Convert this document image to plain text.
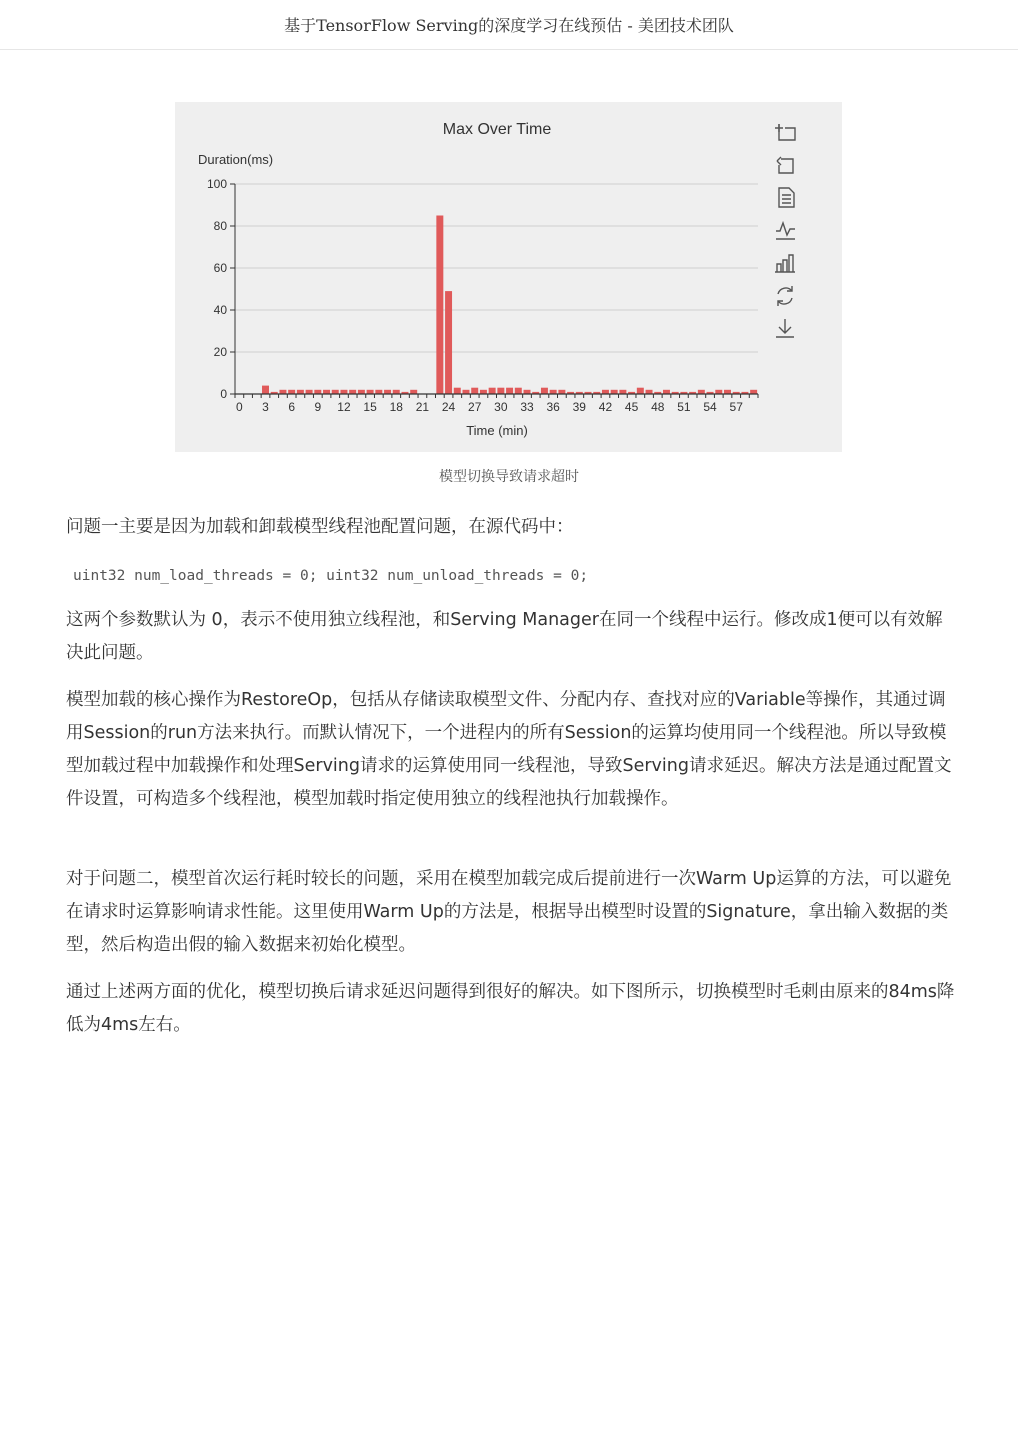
基于TensorFlow Serving的深度学习在线预估 - 美团技术团队
Max Over Time
Duration(ms)
Time (min)
0
20
40
60
80
100
0 3 6 9 12 15 18 21 24 27 30 33 36 39 42 45 48 51 54 57
模型切换导致请求超时

问题一主要是因为加载和卸载模型线程池配置问题，在源代码中：

uint32 num_load_threads = 0; uint32 num_unload_threads = 0;

这两个参数默认为 0，表示不使用独立线程池，和Serving Manager在同一个线程中运行。修改成1便可以有效解决此问题。

模型加载的核心操作为RestoreOp，包括从存储读取模型文件、分配内存、查找对应的Variable等操作，其通过调用Session的run方法来执行。而默认情况下，一个进程内的所有Session的运算均使用同一个线程池。所以导致模型加载过程中加载操作和处理Serving请求的运算使用同一线程池，导致Serving请求延迟。解决方法是通过配置文件设置，可构造多个线程池，模型加载时指定使用独立的线程池执行加载操作。

对于问题二，模型首次运行耗时较长的问题，采用在模型加载完成后提前进行一次Warm Up运算的方法，可以避免在请求时运算影响请求性能。这里使用Warm Up的方法是，根据导出模型时设置的Signature，拿出输入数据的类型，然后构造出假的输入数据来初始化模型。

通过上述两方面的优化，模型切换后请求延迟问题得到很好的解决。如下图所示，切换模型时毛刺由原来的84ms降低为4ms左右。
